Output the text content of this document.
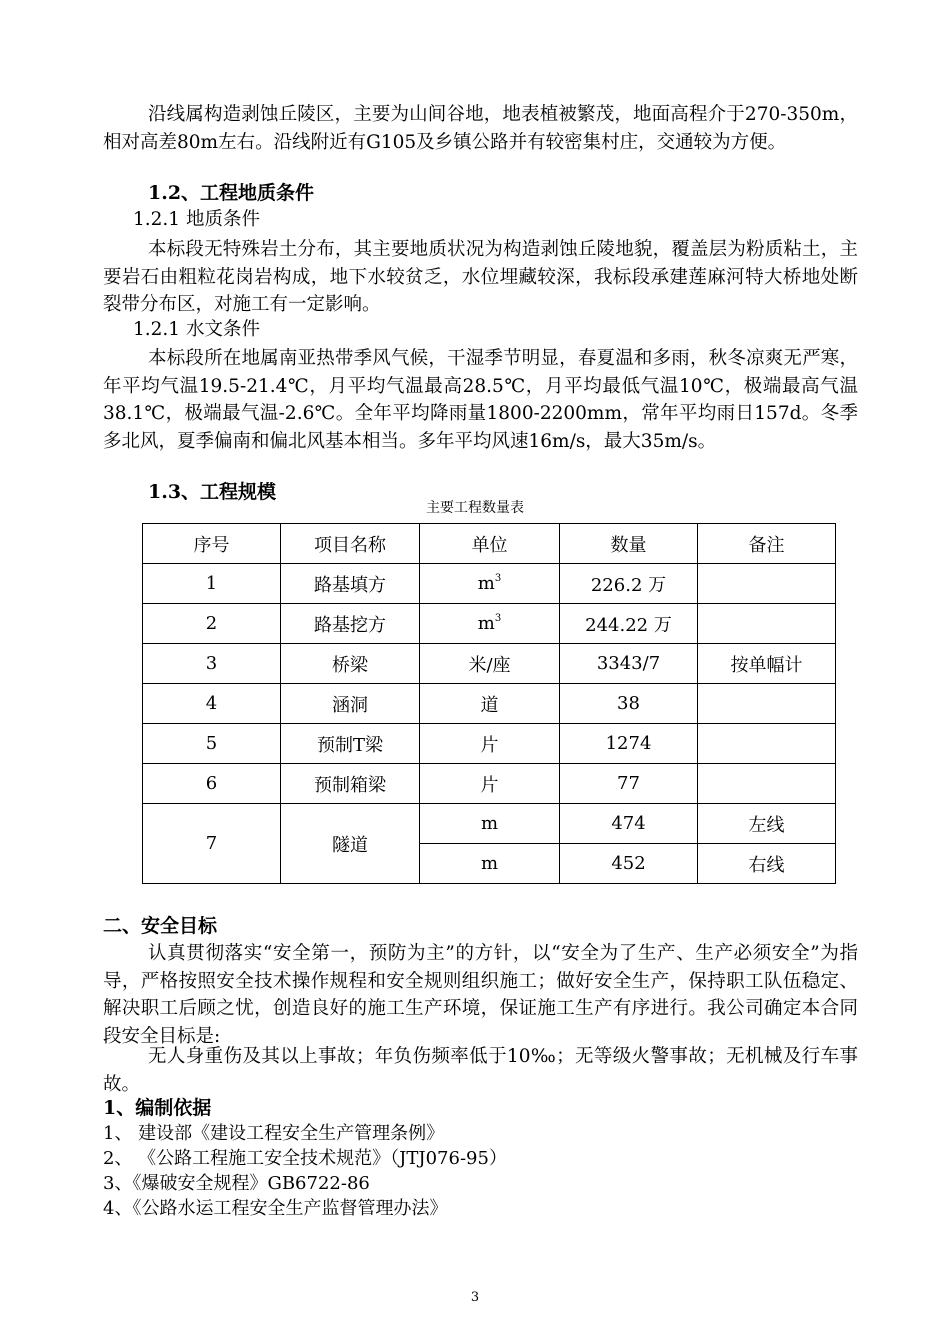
沿线属构造剥蚀丘陵区，主要为山间谷地，地表植被繁茂，地面高程介于270-350m，相对高差80m左右。沿线附近有G105及乡镇公路并有较密集村庄，交通较为方便。

1.2、工程地质条件

1.2.1 地质条件

本标段无特殊岩土分布，其主要地质状况为构造剥蚀丘陵地貌，覆盖层为粉质粘土，主要岩石由粗粒花岗岩构成，地下水较贫乏，水位埋藏较深，我标段承建莲麻河特大桥地处断裂带分布区，对施工有一定影响。

1.2.1 水文条件

本标段所在地属南亚热带季风气候，干湿季节明显，春夏温和多雨，秋冬凉爽无严寒，年平均气温19.5-21.4℃，月平均气温最高28.5℃，月平均最低气温10℃，极端最高气温38.1℃，极端最气温-2.6℃。全年平均降雨量1800-2200mm，常年平均雨日157d。冬季多北风，夏季偏南和偏北风基本相当。多年平均风速16m/s，最大35m/s。

1.3、工程规模
主要工程数量表
序号	项目名称	单位	数量	备注
1	路基填方	$m^3$	226.2 万	
2	路基挖方	$m^3$	244.22 万	
3	桥梁	米/座	3343/7	按单幅计
4	涵洞	道	38	
5	预制T梁	片	1274	
6	预制箱梁	片	77	
7	隧道	m	474	左线
		m	452	右线
二、安全目标

认真贯彻落实“安全第一，预防为主”的方针，以“安全为了生产、生产必须安全”为指导，严格按照安全技术操作规程和安全规则组织施工；做好安全生产，保持职工队伍稳定、解决职工后顾之忧，创造良好的施工生产环境，保证施工生产有序进行。我公司确定本合同段安全目标是:

无人身重伤及其以上事故；年负伤频率低于10‰；无等级火警事故；无机械及行车事故。

1、编制依据

1、 建设部《建设工程安全生产管理条例》

2、 《公路工程施工安全技术规范》（JTJ076-95）

3、《爆破安全规程》GB6722-86

4、《公路水运工程安全生产监督管理办法》

3
